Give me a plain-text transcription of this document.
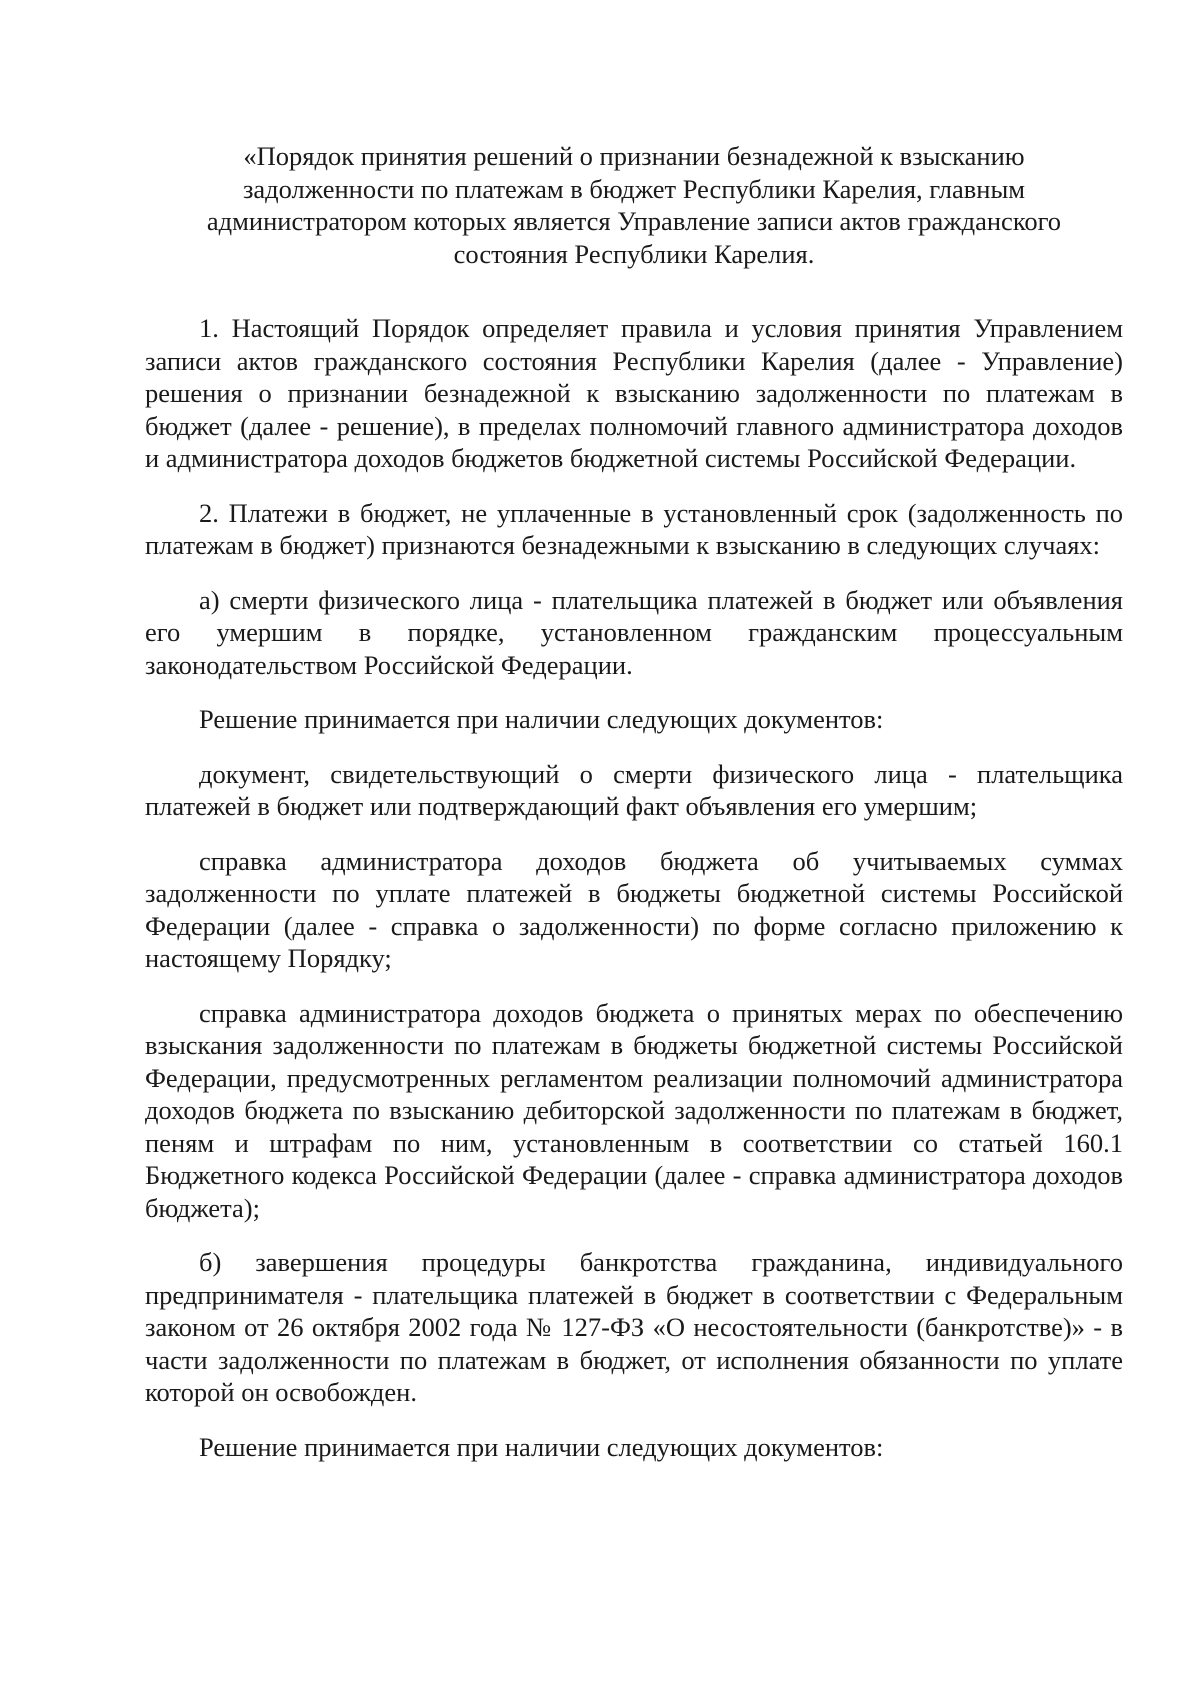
«Порядок принятия решений о признании безнадежной к взысканию задолженности по платежам в бюджет Республики Карелия, главным администратором которых является Управление записи актов гражданского состояния Республики Карелия.

1. Настоящий Порядок определяет правила и условия принятия Управлением записи актов гражданского состояния Республики Карелия (далее - Управление) решения о признании безнадежной к взысканию задолженности по платежам в бюджет (далее - решение), в пределах полномочий главного администратора доходов и администратора доходов бюджетов бюджетной системы Российской Федерации.

2. Платежи в бюджет, не уплаченные в установленный срок (задолженность по платежам в бюджет) признаются безнадежными к взысканию в следующих случаях:

а) смерти физического лица - плательщика платежей в бюджет или объявления его умершим в порядке, установленном гражданским процессуальным законодательством Российской Федерации.

Решение принимается при наличии следующих документов:

документ, свидетельствующий о смерти физического лица - плательщика платежей в бюджет или подтверждающий факт объявления его умершим;

справка администратора доходов бюджета об учитываемых суммах задолженности по уплате платежей в бюджеты бюджетной системы Российской Федерации (далее - справка о задолженности) по форме согласно приложению к настоящему Порядку;

справка администратора доходов бюджета о принятых мерах по обеспечению взыскания задолженности по платежам в бюджеты бюджетной системы Российской Федерации, предусмотренных регламентом реализации полномочий администратора доходов бюджета по взысканию дебиторской задолженности по платежам в бюджет, пеням и штрафам по ним, установленным в соответствии со статьей 160.1 Бюджетного кодекса Российской Федерации (далее - справка администратора доходов бюджета);

б) завершения процедуры банкротства гражданина, индивидуального предпринимателя - плательщика платежей в бюджет в соответствии с Федеральным законом от 26 октября 2002 года № 127-ФЗ «О несостоятельности (банкротстве)» - в части задолженности по платежам в бюджет, от исполнения обязанности по уплате которой он освобожден.

Решение принимается при наличии следующих документов:
